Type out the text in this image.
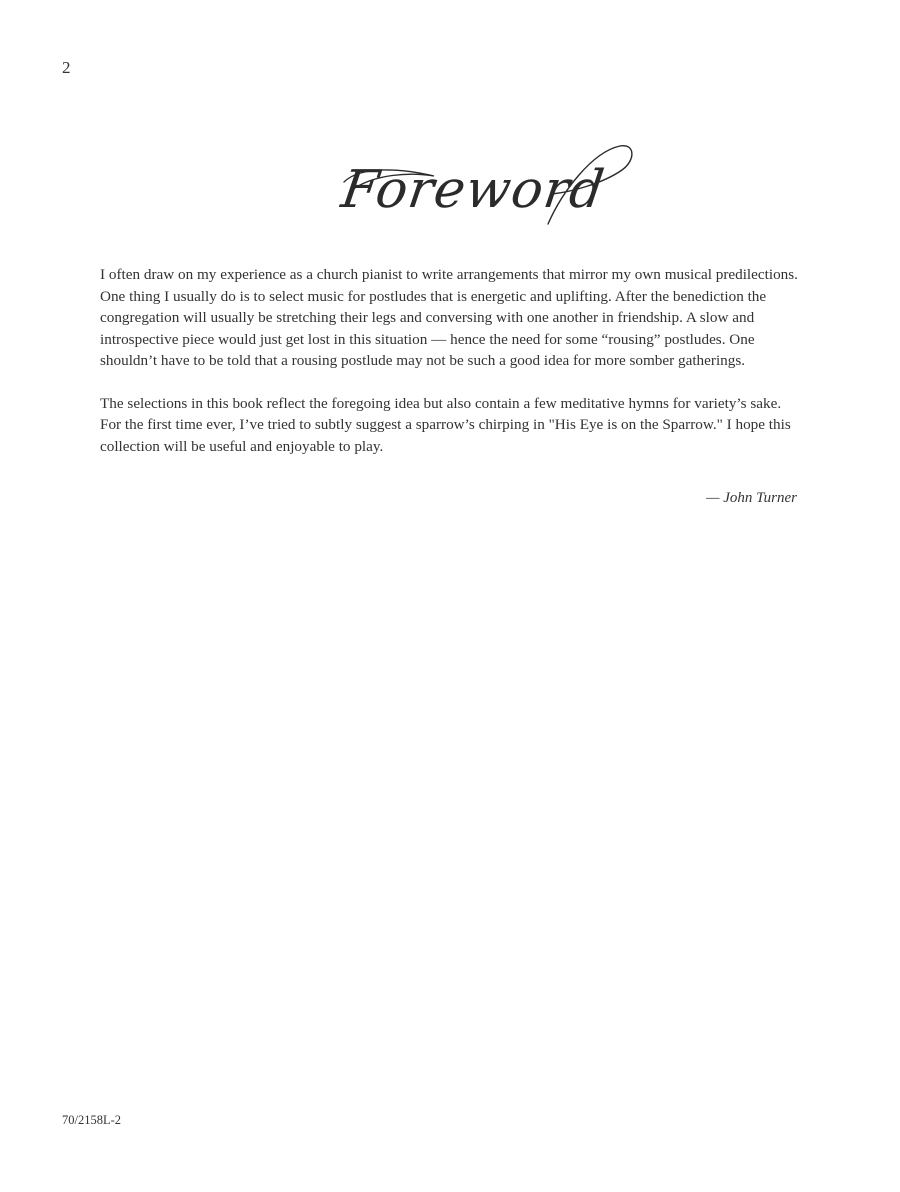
2
Foreword

I often draw on my experience as a church pianist to write arrangements that mirror my own musical predilections. One thing I usually do is to select music for postludes that is energetic and uplifting. After the benediction the congregation will usually be stretching their legs and conversing with one another in friendship. A slow and introspective piece would just get lost in this situation — hence the need for some “rousing” postludes. One shouldn’t have to be told that a rousing postlude may not be such a good idea for more somber gatherings.

The selections in this book reflect the foregoing idea but also contain a few meditative hymns for variety’s sake. For the first time ever, I’ve tried to subtly suggest a sparrow’s chirping in "His Eye is on the Sparrow." I hope this collection will be useful and enjoyable to play.

— John Turner
70/2158L-2
